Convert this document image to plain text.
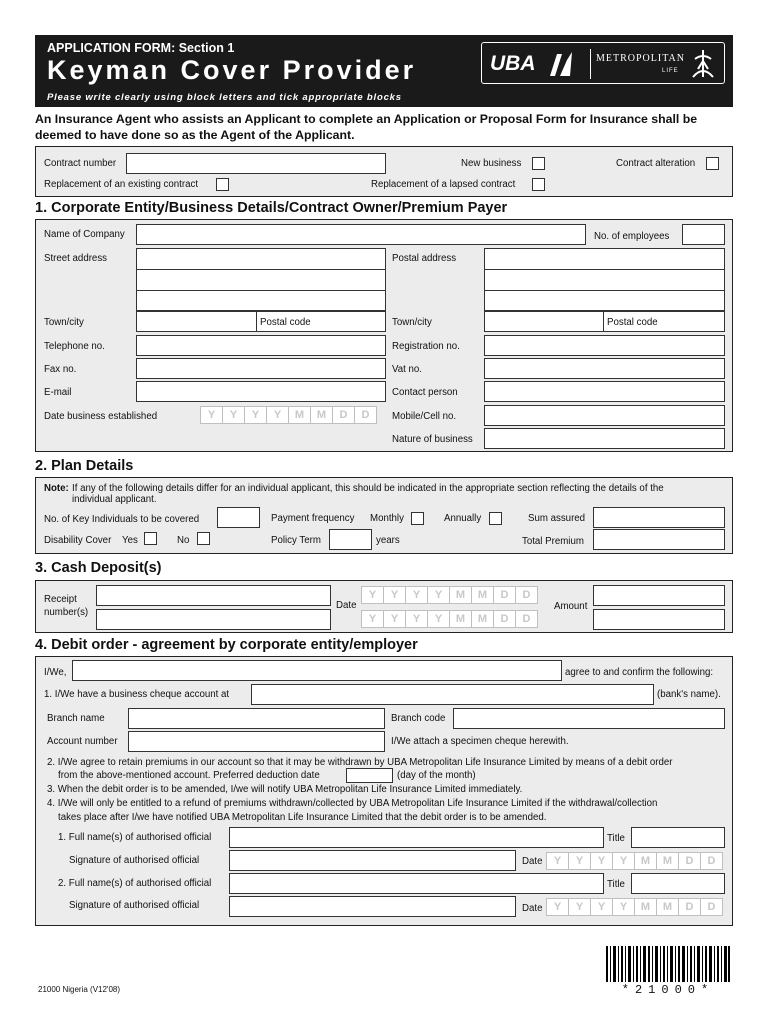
APPLICATION FORM: Section 1
Keyman Cover Provider
Please write clearly using block letters and tick appropriate blocks
UBA	METROPOLITAN
LIFE
An Insurance Agent who assists an Applicant to complete an Application or Proposal Form for Insurance shall be deemed to have done so as the Agent of the Applicant.
Contract number	New business	Contract alteration
Replacement of an existing contract	Replacement of a lapsed contract
1. Corporate Entity/Business Details/Contract Owner/Premium Payer
Name of Company	No. of employees
Street address	Postal address
Town/city	Postal code	Town/city	Postal code
Telephone no.	Registration no.
Fax no.	Vat no.
E-mail	Contact person
Date business established	Y	Y	Y	Y	M	M	D	D	Mobile/Cell no.
Nature of business
2. Plan Details
Note: If any of the following details differ for an individual applicant, this should be indicated in the appropriate section reflecting the details of the
individual applicant.
No. of Key Individuals to be covered	Payment frequency Monthly	Annually	Sum assured
Disability Cover Yes	No	Policy Term	years	Total Premium
3. Cash Deposit(s)
Receipt
number(s)
Date
Y	Y	Y	Y	M	M	D	D
Y	Y	Y	Y	M	M	D	D
Amount
4. Debit order - agreement by corporate entity/employer
I/We,	agree to and confirm the following:
1. I/We have a business cheque account at	(bank's name).
Branch name	Branch code
Account number	I/We attach a specimen cheque herewith.
2. I/We agree to retain premiums in our account so that it may be withdrawn by UBA Metropolitan Life Insurance Limited by means of a debit order
from the above-mentioned account. Preferred deduction date	(day of the month)
3. When the debit order is to be amended, I/we will notify UBA Metropolitan Life Insurance Limited immediately.
4. I/We will only be entitled to a refund of premiums withdrawn/collected by UBA Metropolitan Life Insurance Limited if the withdrawal/collection
takes place after I/we have notified UBA Metropolitan Life Insurance Limited that the debit order is to be amended.
1. Full name(s) of authorised official	Title
Signature of authorised official	Date	Y	Y	Y	Y	M	M	D	D
2. Full name(s) of authorised official	Title
Signature of authorised official	Date	Y	Y	Y	Y	M	M	D	D
21000 Nigeria (V12'08)	*21000*
